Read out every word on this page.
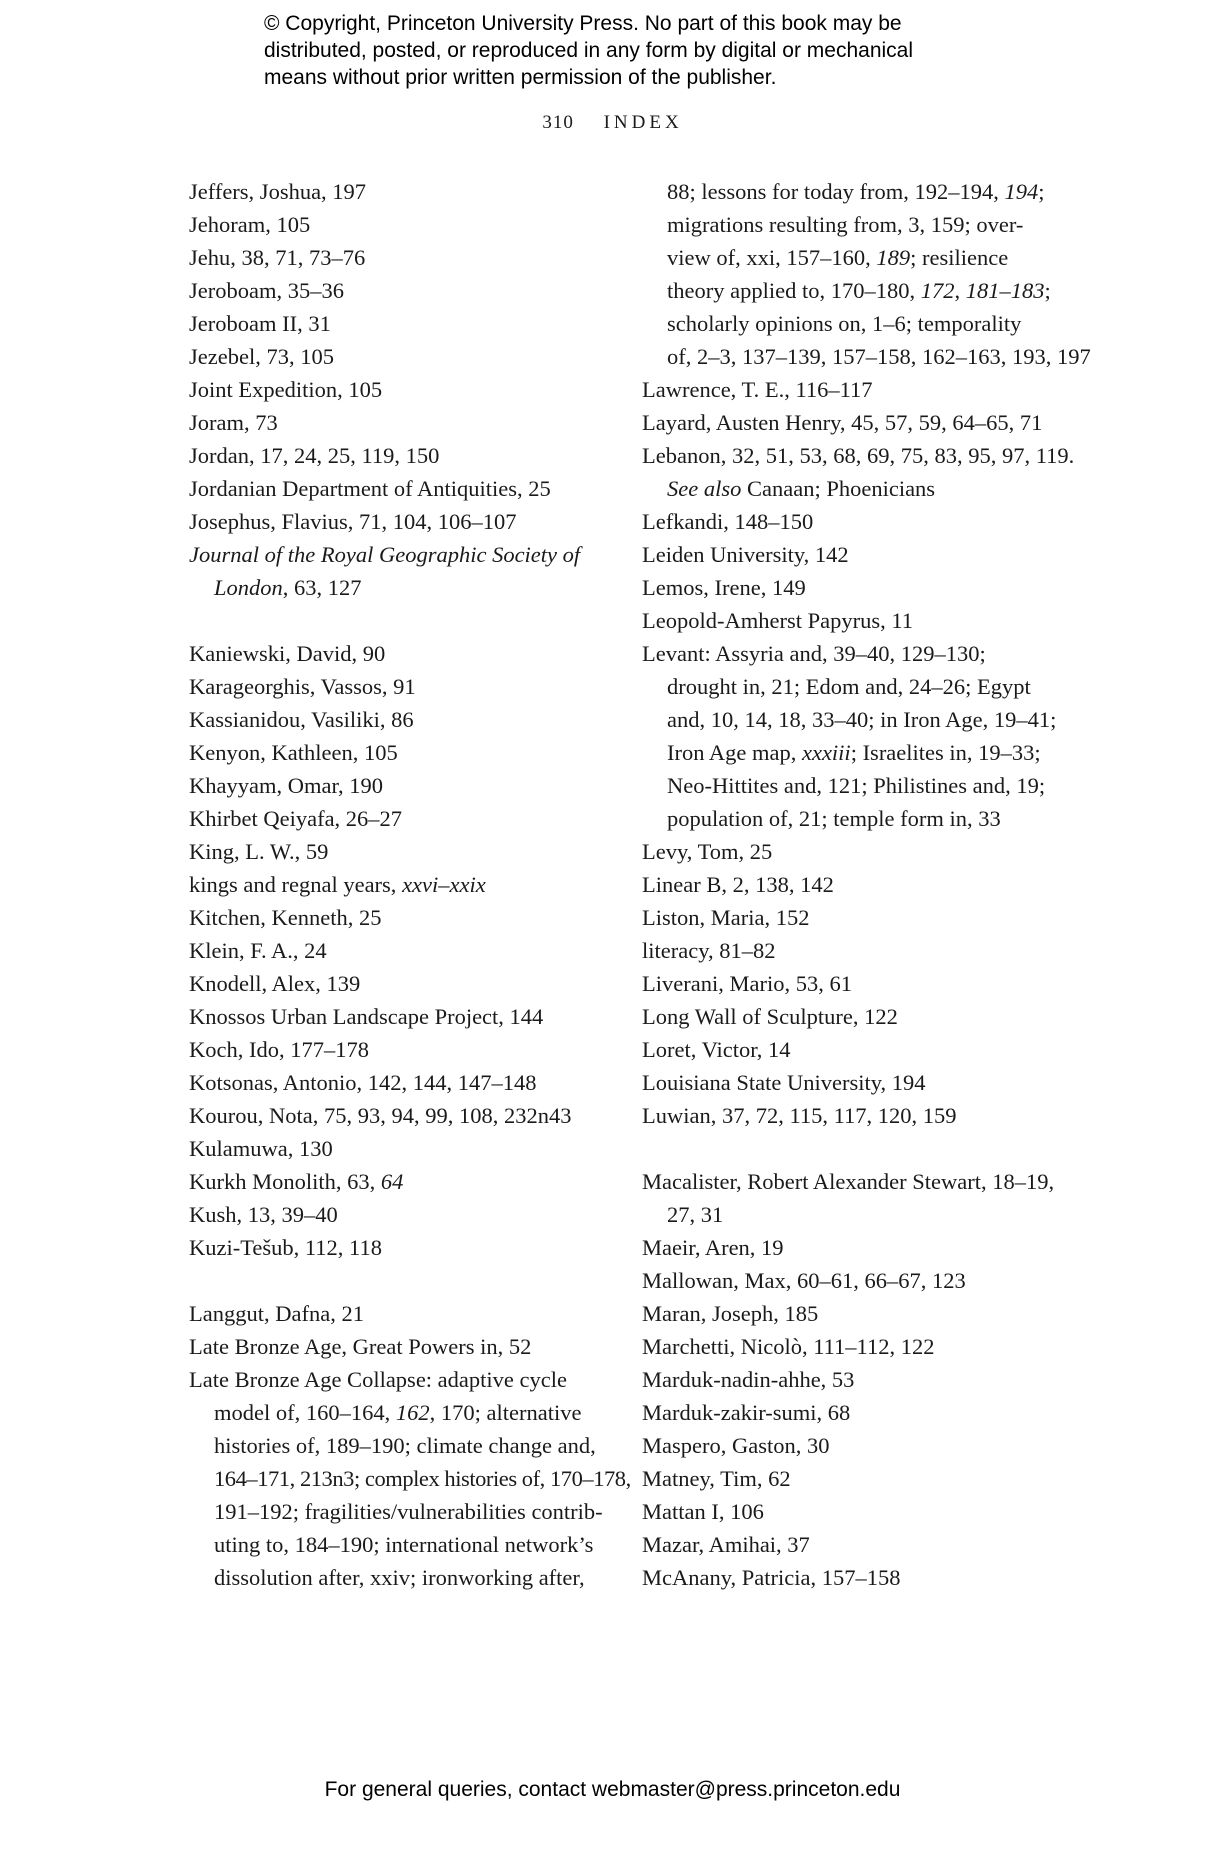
© Copyright, Princeton University Press. No part of this book may be
distributed, posted, or reproduced in any form by digital or mechanical
means without prior written permission of the publisher.
310 INDEX
Jeffers, Joshua, 197
Jehoram, 105
Jehu, 38, 71, 73–76
Jeroboam, 35–36
Jeroboam II, 31
Jezebel, 73, 105
Joint Expedition, 105
Joram, 73
Jordan, 17, 24, 25, 119, 150
Jordanian Department of Antiquities, 25
Josephus, Flavius, 71, 104, 106–107
Journal of the Royal Geographic Society of
London, 63, 127
Kaniewski, David, 90
Karageorghis, Vassos, 91
Kassianidou, Vasiliki, 86
Kenyon, Kathleen, 105
Khayyam, Omar, 190
Khirbet Qeiyafa, 26–27
King, L. W., 59
kings and regnal years, xxvi–xxix
Kitchen, Kenneth, 25
Klein, F. A., 24
Knodell, Alex, 139
Knossos Urban Landscape Project, 144
Koch, Ido, 177–178
Kotsonas, Antonio, 142, 144, 147–148
Kourou, Nota, 75, 93, 94, 99, 108, 232n43
Kulamuwa, 130
Kurkh Monolith, 63, 64
Kush, 13, 39–40
Kuzi-Tešub, 112, 118
Langgut, Dafna, 21
Late Bronze Age, Great Powers in, 52
Late Bronze Age Collapse: adaptive cycle
model of, 160–164, 162, 170; alternative
histories of, 189–190; climate change and,
164–171, 213n3; complex histories of, 170–178,
191–192; fragilities/vulnerabilities contrib-
uting to, 184–190; international network’s
dissolution after, xxiv; ironworking after,
88; lessons for today from, 192–194, 194;
migrations resulting from, 3, 159; over-
view of, xxi, 157–160, 189; resilience
theory applied to, 170–180, 172, 181–183;
scholarly opinions on, 1–6; temporality
of, 2–3, 137–139, 157–158, 162–163, 193, 197
Lawrence, T. E., 116–117
Layard, Austen Henry, 45, 57, 59, 64–65, 71
Lebanon, 32, 51, 53, 68, 69, 75, 83, 95, 97, 119.
See also Canaan; Phoenicians
Lefkandi, 148–150
Leiden University, 142
Lemos, Irene, 149
Leopold-Amherst Papyrus, 11
Levant: Assyria and, 39–40, 129–130;
drought in, 21; Edom and, 24–26; Egypt
and, 10, 14, 18, 33–40; in Iron Age, 19–41;
Iron Age map, xxxiii; Israelites in, 19–33;
Neo-Hittites and, 121; Philistines and, 19;
population of, 21; temple form in, 33
Levy, Tom, 25
Linear B, 2, 138, 142
Liston, Maria, 152
literacy, 81–82
Liverani, Mario, 53, 61
Long Wall of Sculpture, 122
Loret, Victor, 14
Louisiana State University, 194
Luwian, 37, 72, 115, 117, 120, 159
Macalister, Robert Alexander Stewart, 18–19,
27, 31
Maeir, Aren, 19
Mallowan, Max, 60–61, 66–67, 123
Maran, Joseph, 185
Marchetti, Nicolò, 111–112, 122
Marduk-nadin-ahhe, 53
Marduk-zakir-sumi, 68
Maspero, Gaston, 30
Matney, Tim, 62
Mattan I, 106
Mazar, Amihai, 37
McAnany, Patricia, 157–158
For general queries, contact webmaster@press.princeton.edu
